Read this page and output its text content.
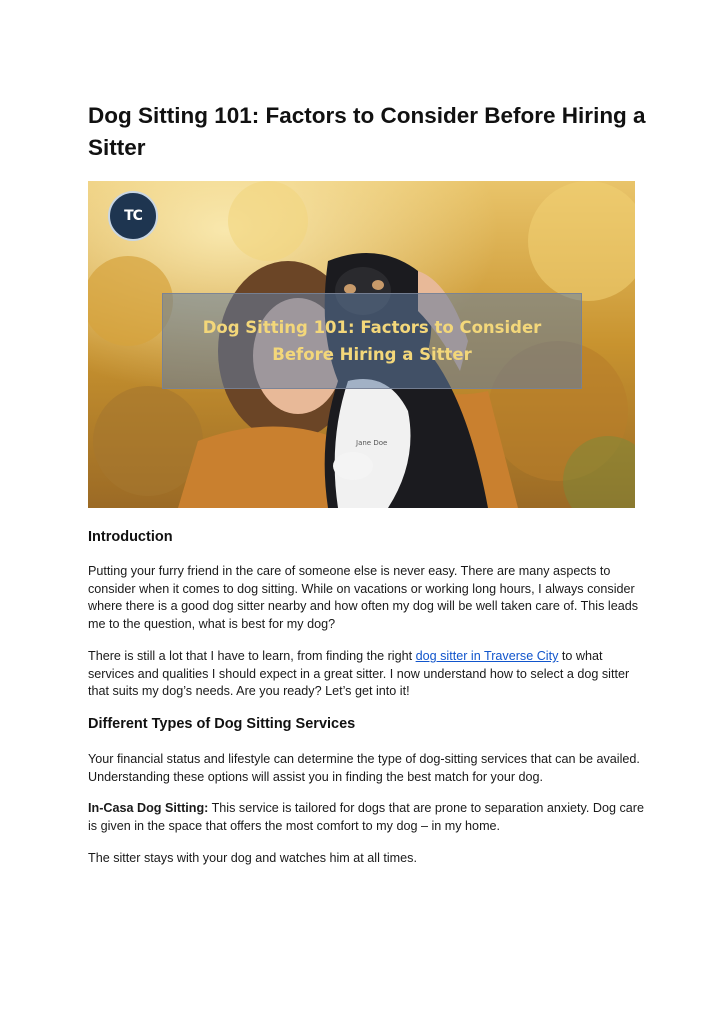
Dog Sitting 101: Factors to Consider Before Hiring a Sitter
TC
Dog Sitting 101: Factors to Consider Before Hiring a Sitter
Jane Doe
Introduction

Putting your furry friend in the care of someone else is never easy. There are many aspects to consider when it comes to dog sitting. While on vacations or working long hours, I always consider where there is a good dog sitter nearby and how often my dog will be well taken care of. This leads me to the question, what is best for my dog?

There is still a lot that I have to learn, from finding the right dog sitter in Traverse City to what services and qualities I should expect in a great sitter. I now understand how to select a dog sitter that suits my dog’s needs. Are you ready? Let’s get into it!

Different Types of Dog Sitting Services

Your financial status and lifestyle can determine the type of dog-sitting services that can be availed. Understanding these options will assist you in finding the best match for your dog.

In-Casa Dog Sitting: This service is tailored for dogs that are prone to separation anxiety. Dog care is given in the space that offers the most comfort to my dog – in my home.

The sitter stays with your dog and watches him at all times.
